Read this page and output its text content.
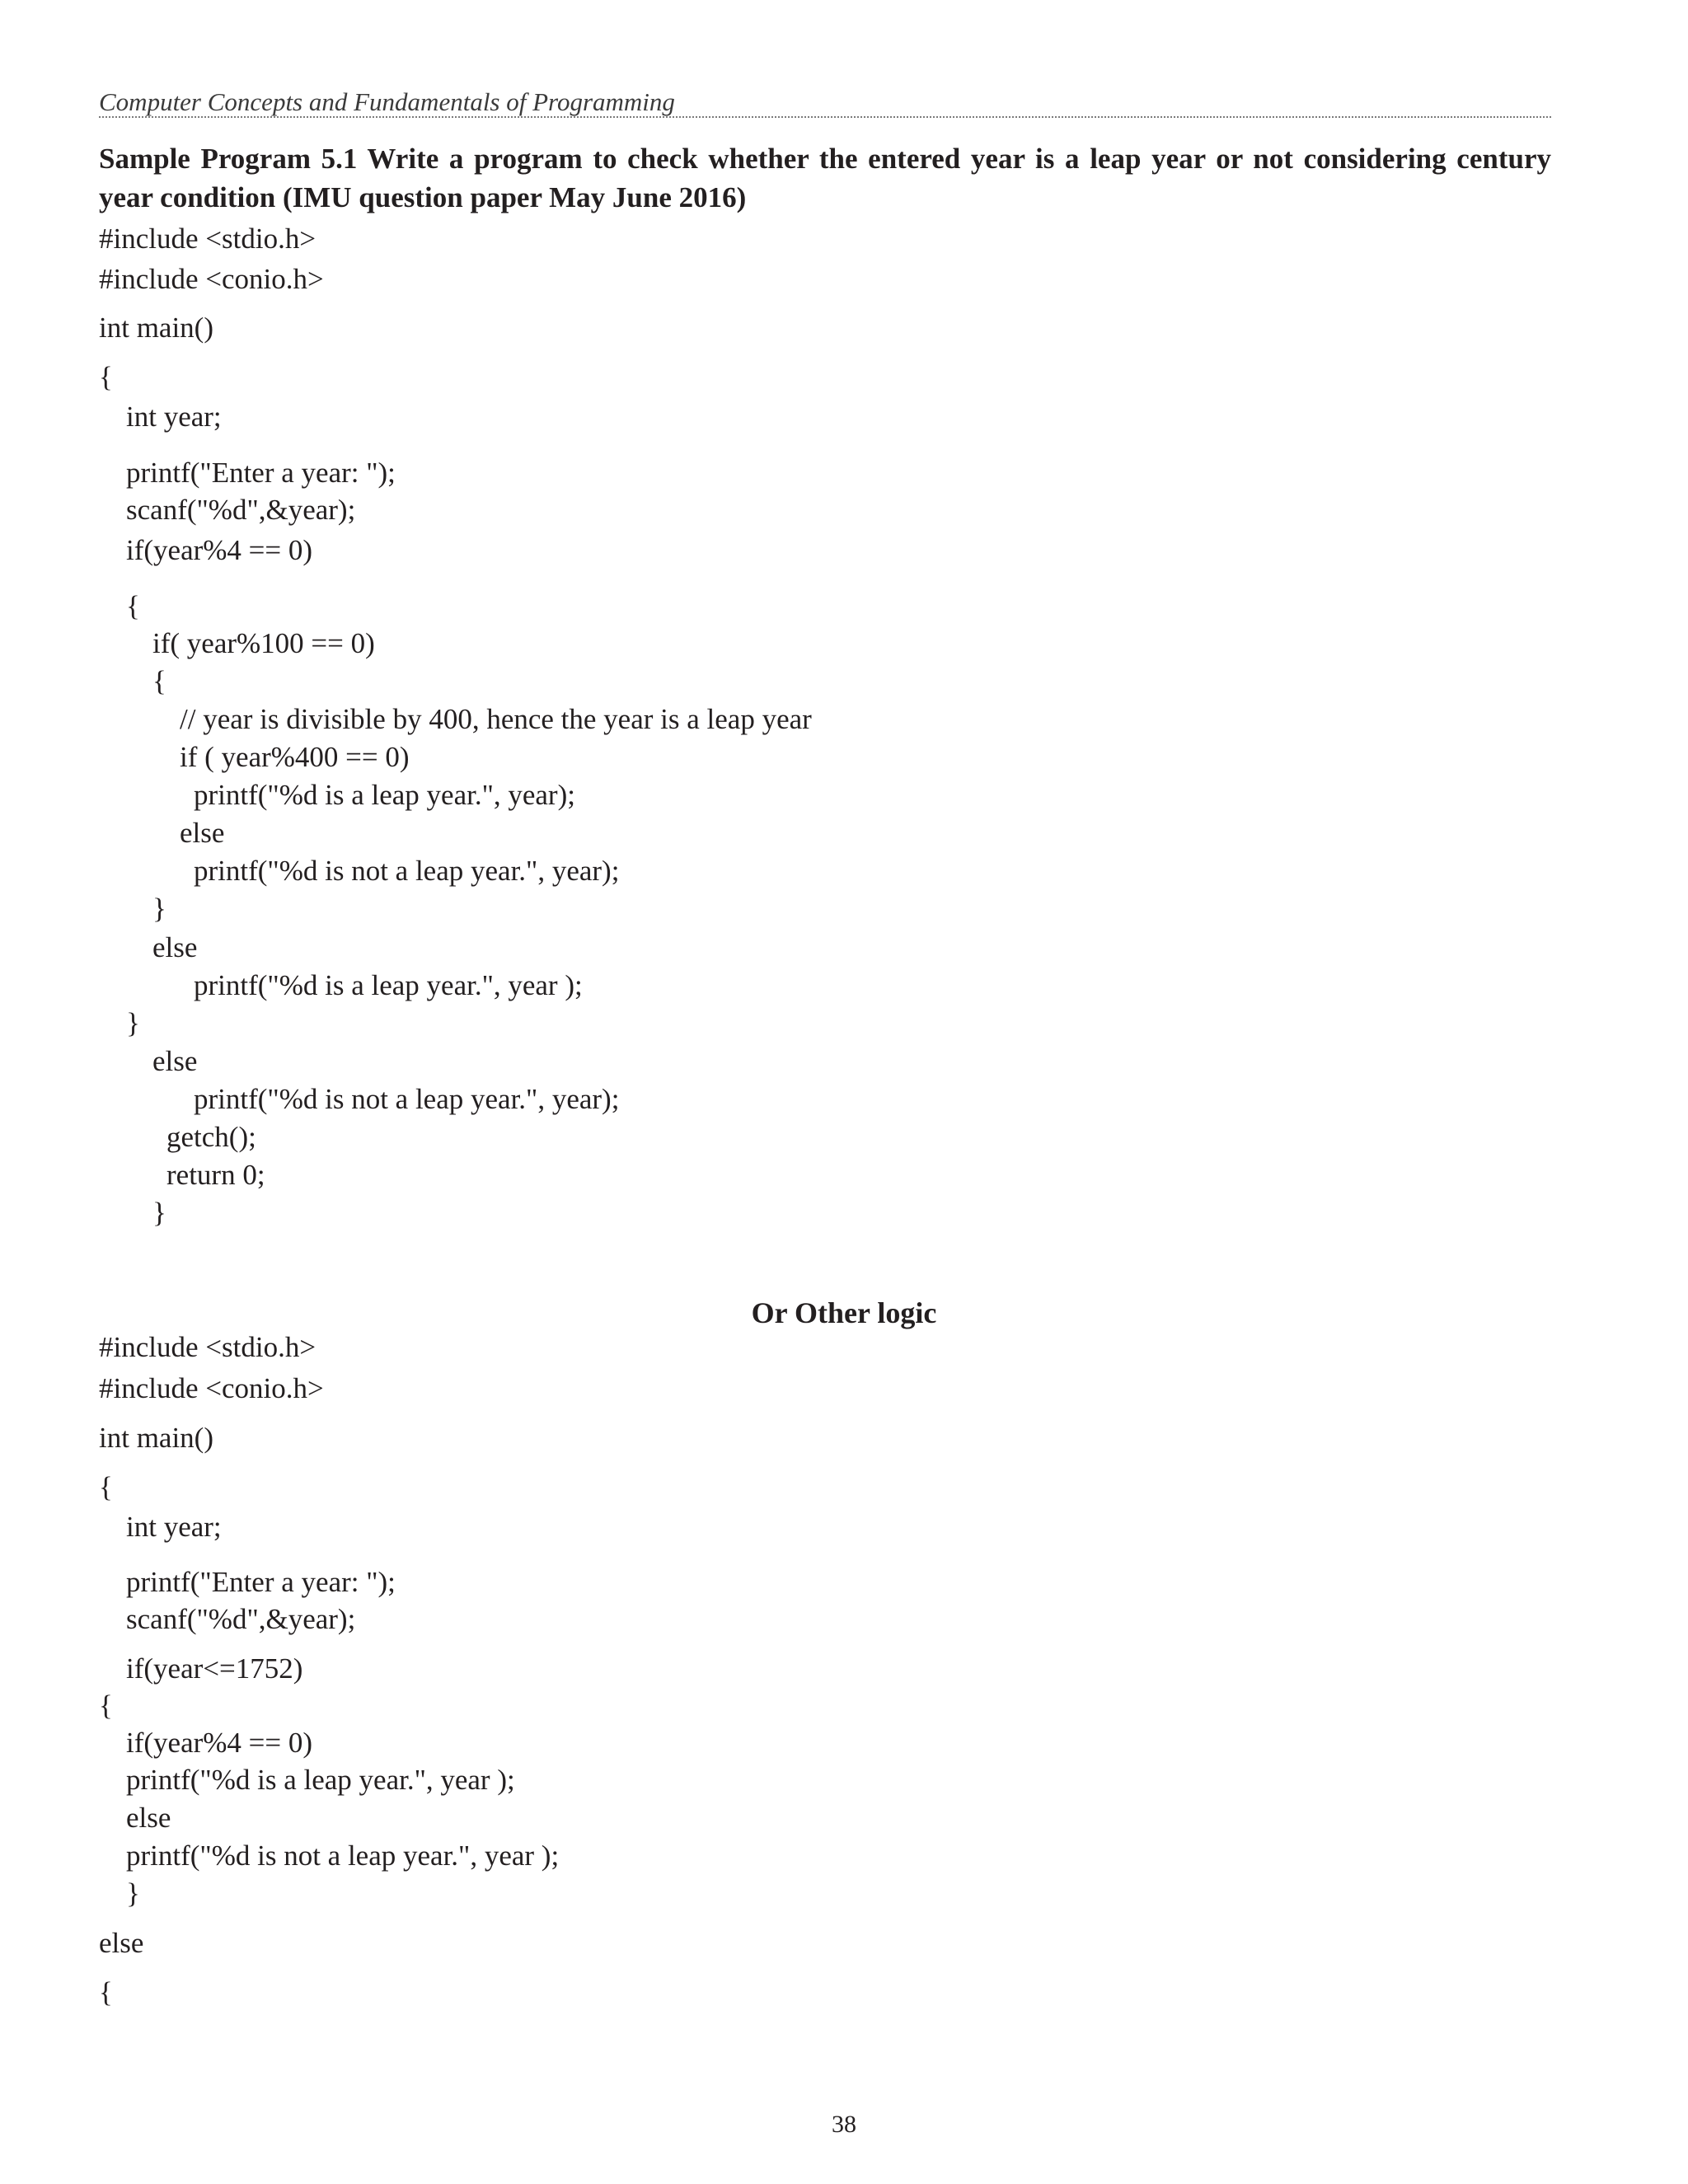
Computer Concepts and Fundamentals of Programming
Sample Program 5.1 Write a program to check whether the entered year is a leap year or not considering century year condition (IMU question paper May June 2016)
#include <stdio.h>
#include <conio.h>
int main()
{
int year;
printf("Enter a year: ");
scanf("%d",&year);
if(year%4 == 0)
{
if( year%100 == 0)
{
// year is divisible by 400, hence the year is a leap year
if ( year%400 == 0)
printf("%d is a leap year.", year);
else
printf("%d is not a leap year.", year);
}
else
printf("%d is a leap year.", year );
}
else
printf("%d is not a leap year.", year);
getch();
return 0;
}
Or Other logic
#include <stdio.h>
#include <conio.h>
int main()
{
int year;
printf("Enter a year: ");
scanf("%d",&year);
if(year<=1752)
{
if(year%4 == 0)
printf("%d is a leap year.", year );
else
printf("%d is not a leap year.", year );
}
else
{
38
